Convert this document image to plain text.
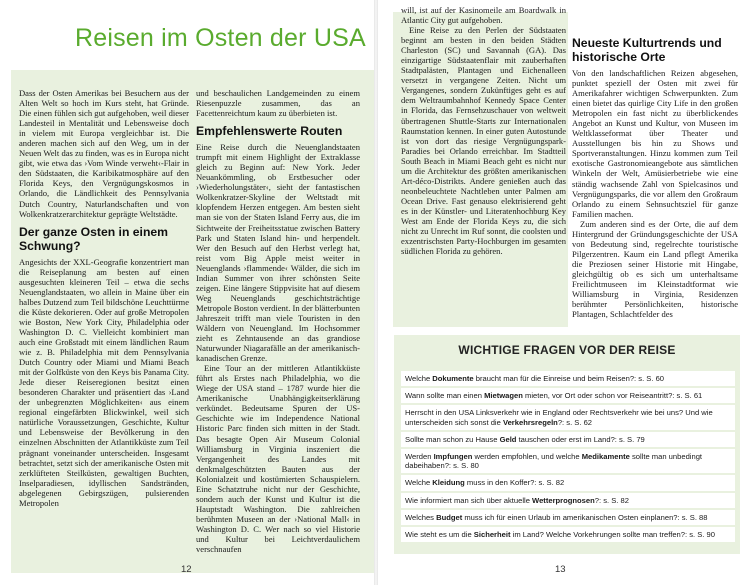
Reisen im Osten der USA

Dass der Osten Amerikas bei Besuchern aus der Alten Welt so hoch im Kurs steht, hat Gründe. Die einen fühlen sich gut aufgehoben, weil dieser Landesteil in Mentalität und Lebensweise doch in vielem mit Europa vergleichbar ist. Die anderen machen sich auf den Weg, um in der Neuen Welt das zu finden, was es in Europa nicht gibt, wie etwa das ›Vom Winde verweht‹-Flair in den Südstaaten, die Karibikatmosphäre auf den Florida Keys, den Vergnügungskosmos in Orlando, die Ländlichkeit des Pennsylvania Dutch Country, Naturlandschaften und von Wolkenkratzerarchitektur geprägte Weltstädte.

Der ganze Osten in einem Schwung?

Angesichts der XXL-Geografie konzentriert man die Reiseplanung am besten auf einen ausgesuchten kleineren Teil – etwa die sechs Neuenglandstaaten, wo allein in Maine über ein halbes Dutzend zum Teil bildschöne Leuchttürme die Küste dekorieren. Oder auf große Metropolen wie Boston, New York City, Philadelphia oder Washington D. C. Vielleicht kombiniert man auch eine Großstadt mit einem ländlichen Raum wie z. B. Philadelphia mit dem Pennsylvania Dutch Country oder Miami und Miami Beach mit der Golfküste von den Keys bis Panama City. Jede dieser Reiseregionen besitzt einen besonderen Charakter und präsentiert das ›Land der unbegrenzten Möglichkeiten‹ aus einem regional eingefärbten Blickwinkel, weil sich natürliche Voraussetzungen, Geschichte, Kultur und Lebensweise der Bevölkerung in den einzelnen Abschnitten der Atlantikküste zum Teil prägnant voneinander unterscheiden. Insgesamt betrachtet, setzt sich der amerikanische Osten mit zerklüfteten Steilküsten, gewaltigen Buchten, Inselparadiesen, idyllischen Sandstränden, abgelegenen Gebirgszügen, pulsierenden Metropolen

und beschaulichen Landgemeinden zu einem Riesenpuzzle zusammen, das an Facettenreichtum kaum zu überbieten ist.

Empfehlenswerte Routen

Eine Reise durch die Neuenglandstaaten trumpft mit einem Highlight der Extraklasse gleich zu Beginn auf: New York. Jeder Neuankömmling, ob Erstbesucher oder ›Wiederholungstäter‹, sieht der fantastischen Wolkenkratzer-Skyline der Weltstadt mit klopfendem Herzen entgegen. Am besten sieht man sie von der Staten Island Ferry aus, die im Sichtweite der Freiheitsstatue zwischen Battery Park und Staten Island hin- und herpendelt. Wer den Besuch auf den Herbst verlegt hat, reist vom Big Apple meist weiter in Neuenglands ›flammende‹ Wälder, die sich im Indian Summer von ihrer schönsten Seite zeigen. Eine längere Stippvisite hat auf diesem Weg Neuenglands geschichtsträchtige Metropole Boston verdient. In der blätterbunten Jahreszeit trifft man viele Touristen in den Wäldern von Neuengland. Im Hochsommer zieht es Zehntausende an das grandiose Naturwunder Niagarafälle an der amerikanisch-kanadischen Grenze.

Eine Tour an der mittleren Atlantikküste führt als Erstes nach Philadelphia, wo die Wiege der USA stand – 1787 wurde hier die Amerikanische Unabhängigkeitserklärung verkündet. Bedeutsame Spuren der US-Geschichte wie im Independence National Historic Parc finden sich mitten in der Stadt. Das besagte Open Air Museum Colonial Williamsburg in Virginia inszeniert die Vergangenheit des Landes mit denkmalgeschützten Bauten aus der Kolonialzeit und kostümierten Schauspielern. Eine Schatztruhe nicht nur der Geschichte, sondern auch der Kunst und Kultur ist die Hauptstadt Washington. Die zahlreichen berühmten Museen an der ›National Mall‹ in Washington D. C. Wer nach so viel Historie und Kultur bei Leichtverdaulichem verschnaufen

will, ist auf der Kasinomeile am Boardwalk in Atlantic City gut aufgehoben.

Eine Reise zu den Perlen der Südstaaten beginnt am besten in den beiden Städten Charleston (SC) und Savannah (GA). Das einzigartige Südstaatenflair mit zauberhaften Stadtpalästen, Plantagen und Eichenalleen versetzt in vergangene Zeiten. Nicht um Vergangenes, sondern Zukünftiges geht es auf dem Weltraumbahnhof Kennedy Space Center in Florida, das Fernsehzuschauer von weltweit übertragenen Shuttle-Starts zur Internationalen Raumstation kennen. In einer guten Autostunde ist von dort das riesige Vergnügungspark-Paradies bei Orlando erreichbar. Im Stadtteil South Beach in Miami Beach geht es nicht nur um die Architektur des größten amerikanischen Art-déco-Distrikts. Andere genießen auch das neonbeleuchtete Nachtleben unter Palmen am Ocean Drive. Fast genauso elektrisierend geht es in der Künstler- und Literatenhochburg Key West am Ende der Florida Keys zu, die sich nicht zu Unrecht im Ruf sonnt, die coolsten und exzentrischsten Party-Hochburgen im gesamten südlichen Florida zu gehören.

Neueste Kulturtrends und historische Orte

Von den landschaftlichen Reizen abgesehen, punktet speziell der Osten mit zwei für Amerikafahrer wichtigen Schwerpunkten. Zum einen bietet das quirlige City Life in den großen Metropolen ein fast nicht zu überblickendes Angebot an Kunst und Kultur, von Museen im Weltklasseformat über Theater und Ausstellungen bis hin zu Shows und Sportveranstaltungen. Hinzu kommen zum Teil exotische Gastronomieangebote aus sämtlichen Winkeln der Welt, Amüsierbetriebe wie eine ständig wachsende Zahl von Spielcasinos und Vergnügungsparks, die vor allem den Großraum Orlando zu einem Sehnsuchtsziel für ganze Familien machen.

Zum anderen sind es der Orte, die auf dem Hintergrund der Gründungsgeschichte der USA von Bedeutung sind, regelrechte touristische Pilgerzentren. Kaum ein Land pflegt Amerika die Preziosen seiner Historie mit Hingabe, gleichgültig ob es sich um unterhaltsame Freilichtmuseen im Kleinstadtformat wie Williamsburg in Virginia, Residenzen berühmter Persönlichkeiten, historische Plantagen, Schlachtfelder des

WICHTIGE FRAGEN VOR DER REISE
Welche Dokumente braucht man für die Einreise und beim Reisen?: s. S. 60
Wann sollte man einen Mietwagen mieten, vor Ort oder schon vor Reiseantritt?: s. S. 61
Herrscht in den USA Linksverkehr wie in England oder Rechtsverkehr wie bei uns? Und wie unterscheiden sich sonst die Verkehrsregeln?: s. S. 62
Sollte man schon zu Hause Geld tauschen oder erst im Land?: s. S. 79
Werden Impfungen werden empfohlen, und welche Medikamente sollte man unbedingt dabeihaben?: s. S. 80
Welche Kleidung muss in den Koffer?: s. S. 82
Wie informiert man sich über aktuelle Wetterprognosen?: s. S. 82
Welches Budget muss ich für einen Urlaub im amerikanischen Osten einplanen?: s. S. 88
Wie steht es um die Sicherheit im Land? Welche Vorkehrungen sollte man treffen?: s. S. 90
12	13
